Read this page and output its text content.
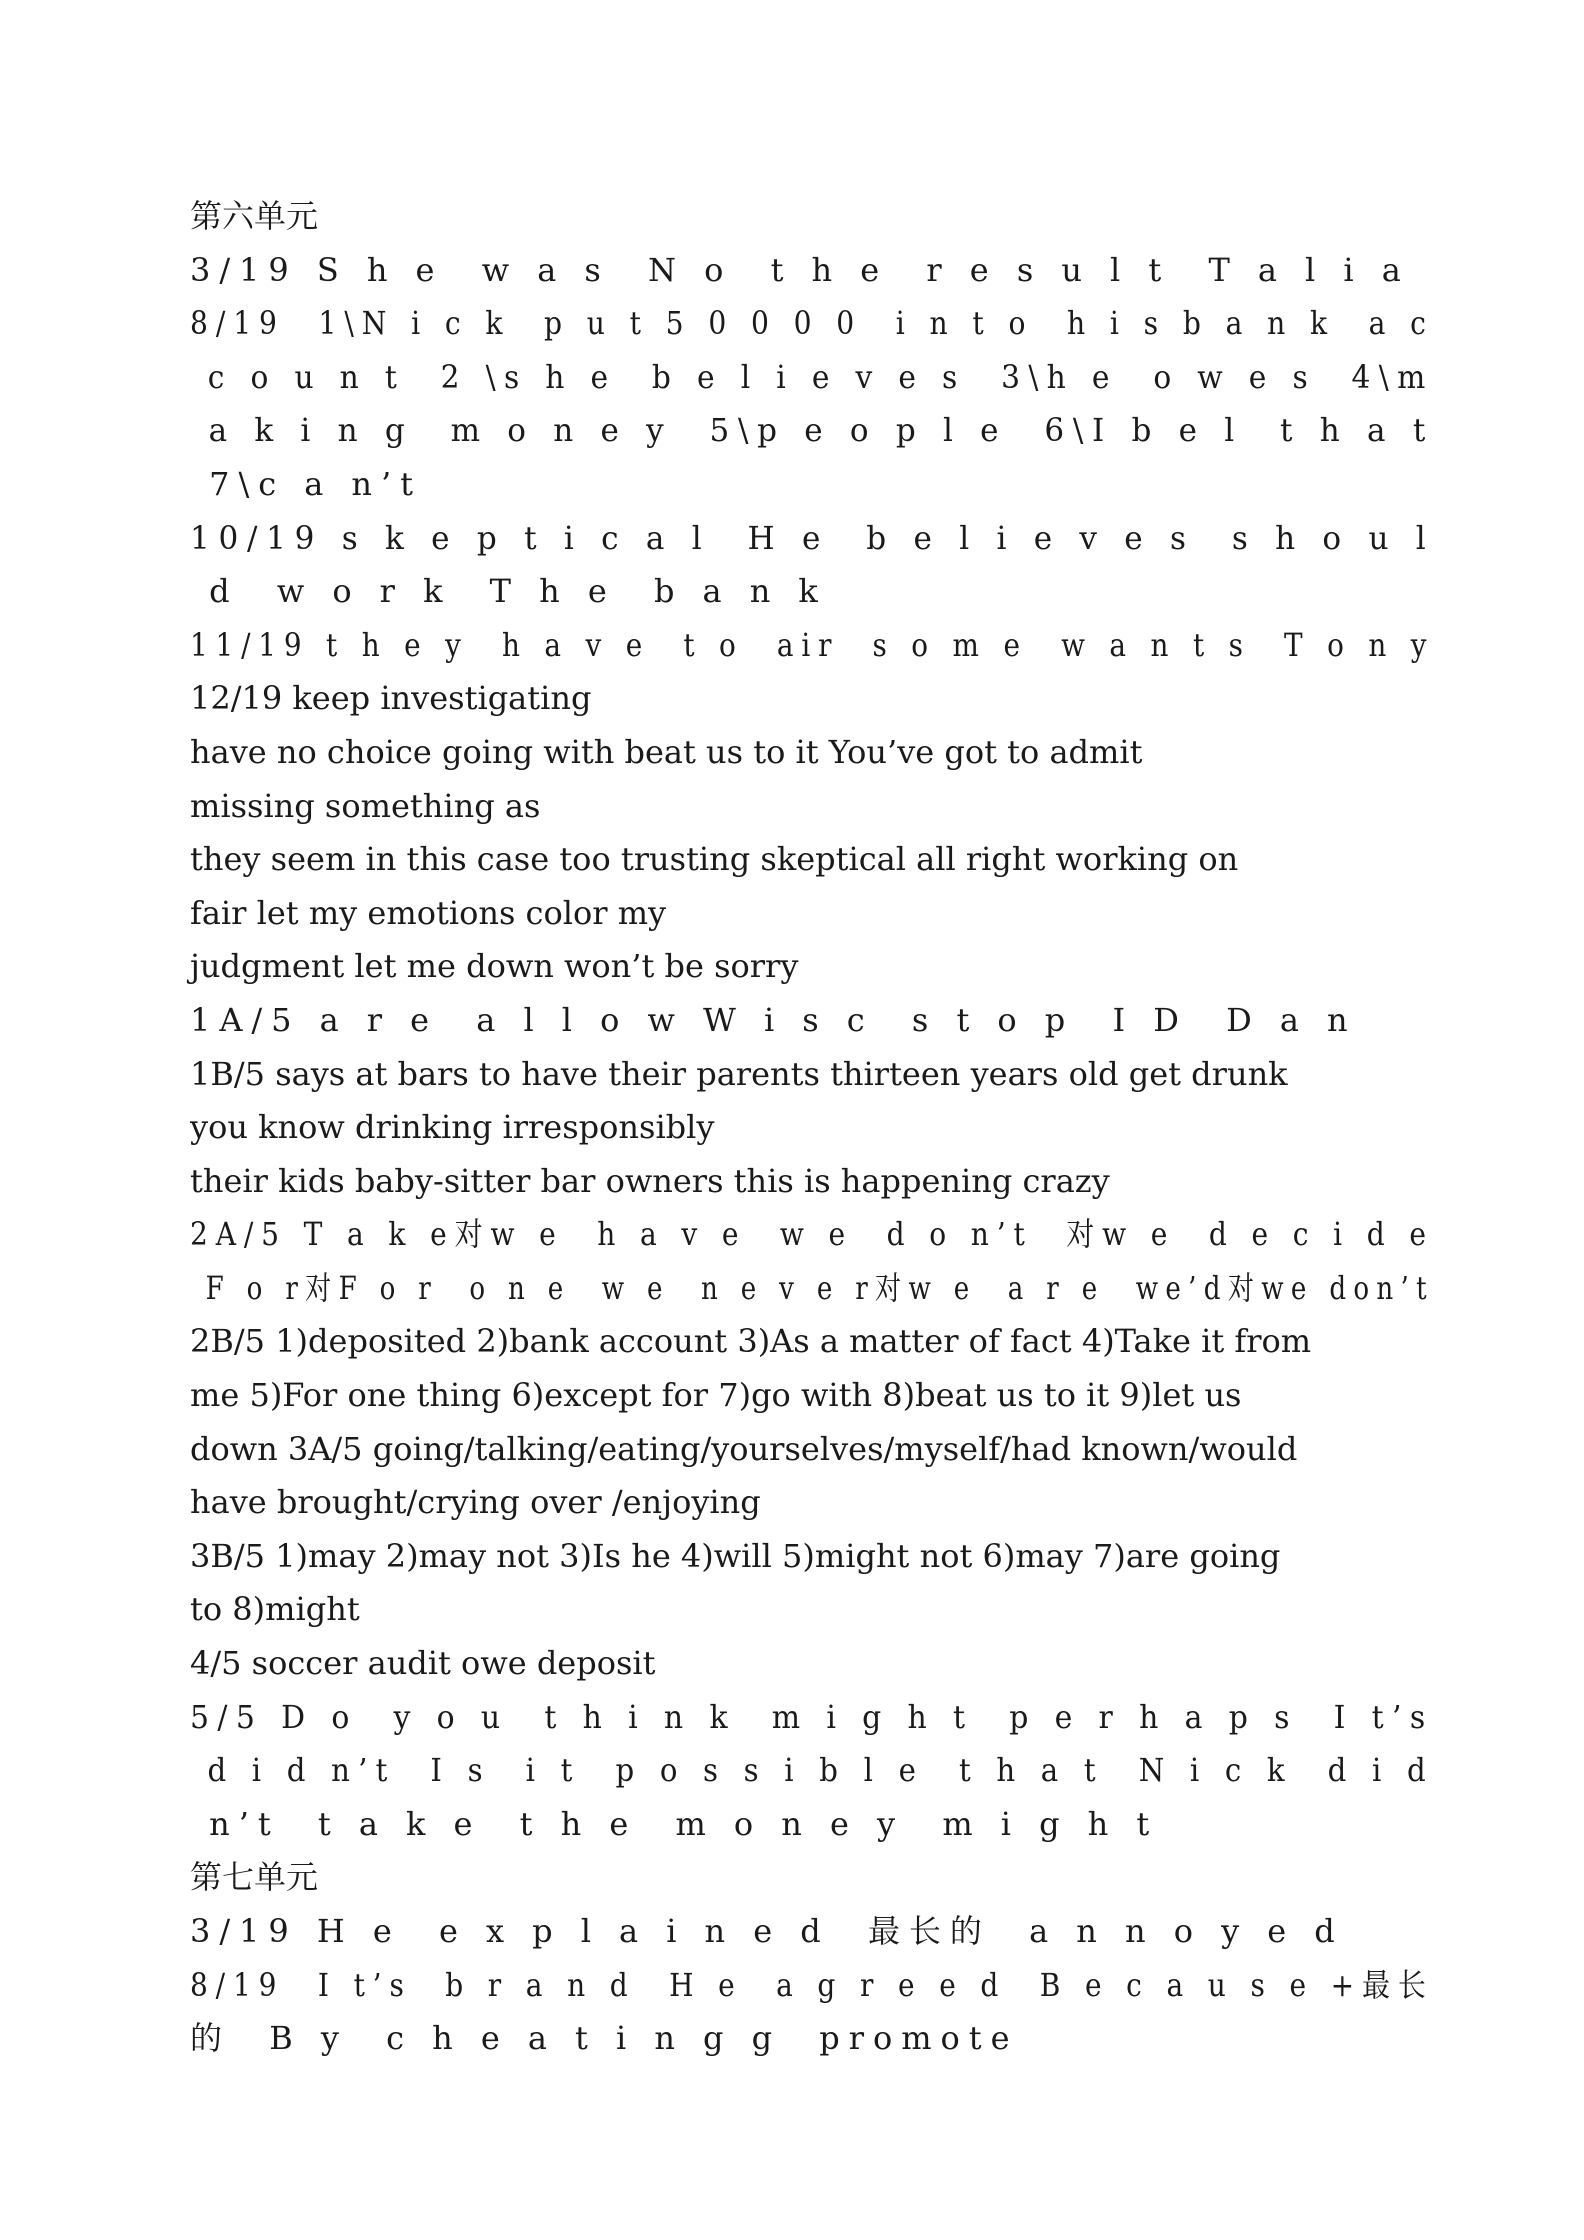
第六单元
3/19 S h e  w a s  N o  t h e  r e s u l t  T a l i a
8/19  1\N i c k  p u t 5 0 0 0 0  i n t o  h i s b a n k  a c
c o u n t  2 \s h e  b e l i e v e s  3\h e  o w e s  4\m
a k i n g  m o n e y  5\p e o p l e  6\I b e l  t h a t
7\c a n’t
10/19 s k e p t i c a l  H e  b e l i e v e s  s h o u l
d  w o r k  T h e  b a n k
11/19 t h e y  h a v e  t o  air  s o m e  w a n t s  T o n y
12/19 keep investigating
have no choice going with beat us to it You’ve got to admit
missing something as
they seem in this case too trusting skeptical all right working on
fair let my emotions color my
judgment let me down won’t be sorry
1A/5 a r e  a l l o w W i s c  s t o p  I D  D a n
1B/5 says at bars to have their parents thirteen years old get drunk
you know drinking irresponsibly
their kids baby-sitter bar owners this is happening crazy
2A/5 T a k e对w e  h a v e  w e  d o n’t  对w e  d e c i d e
F o r对F o r  o n e  w e  n e v e r对w e  a r e  we’d对we don’t
2B/5 1)deposited 2)bank account 3)As a matter of fact 4)Take it from
me 5)For one thing 6)except for 7)go with 8)beat us to it 9)let us
down 3A/5 going/talking/eating/yourselves/myself/had known/would
have brought/crying over /enjoying
3B/5 1)may 2)may not 3)Is he 4)will 5)might not 6)may 7)are going
to 8)might
4/5 soccer audit owe deposit
5/5 D o  y o u  t h i n k  m i g h t  p e r h a p s  I t’s
d i d n’t  I s  i t  p o s s i b l e  t h a t  N i c k  d i d
n’t  t a k e  t h e  m o n e y  m i g h t
第七单元
3/19 H e  e x p l a i n e d  最长的  a n n o y e d
8/19  I t’s  b r a n d  H e  a g r e e d  B e c a u s e +最长
的  B y  c h e a t i n g g  promote
